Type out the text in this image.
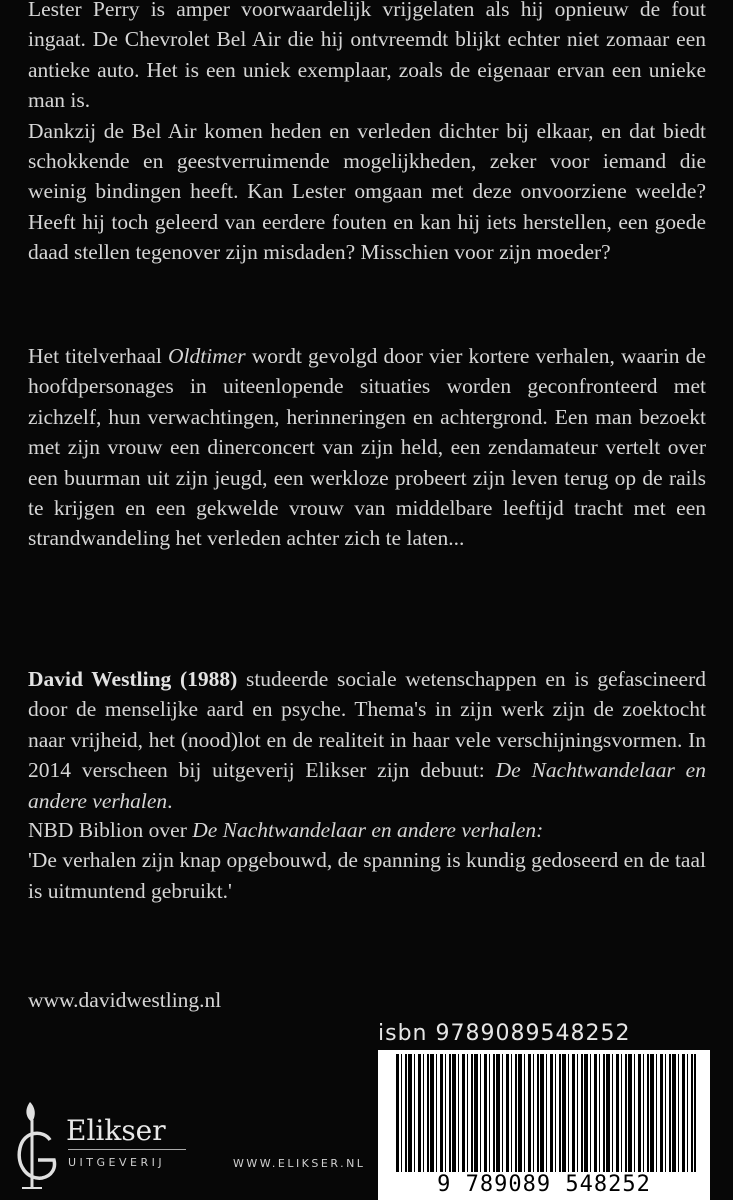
Lester Perry is amper voorwaardelijk vrijgelaten als hij opnieuw de fout ingaat. De Chevrolet Bel Air die hij ontvreemdt blijkt echter niet zomaar een antieke auto. Het is een uniek exemplaar, zoals de eigenaar ervan een unieke man is.

Dankzij de Bel Air komen heden en verleden dichter bij elkaar, en dat biedt schokkende en geestverruimende mogelijkheden, zeker voor iemand die weinig bindingen heeft. Kan Lester omgaan met deze onvoorziene weelde? Heeft hij toch geleerd van eerdere fouten en kan hij iets herstellen, een goede daad stellen tegenover zijn misdaden? Misschien voor zijn moeder?

Het titelverhaal Oldtimer wordt gevolgd door vier kortere verhalen, waarin de hoofdpersonages in uiteenlopende situaties worden geconfronteerd met zichzelf, hun verwachtingen, herinneringen en achtergrond. Een man bezoekt met zijn vrouw een dinerconcert van zijn held, een zendamateur vertelt over een buurman uit zijn jeugd, een werkloze probeert zijn leven terug op de rails te krijgen en een gekwelde vrouw van middelbare leeftijd tracht met een strandwandeling het verleden achter zich te laten...

David Westling (1988) studeerde sociale wetenschappen en is gefascineerd door de menselijke aard en psyche. Thema's in zijn werk zijn de zoektocht naar vrijheid, het (nood)lot en de realiteit in haar vele verschijningsvormen. In 2014 verscheen bij uitgeverij Elikser zijn debuut: De Nachtwandelaar en andere verhalen.

NBD Biblion over De Nachtwandelaar en andere verhalen:

'De verhalen zijn knap opgebouwd, de spanning is kundig gedoseerd en de taal is uitmuntend gebruikt.'

www.davidwestling.nl
isbn 9789089548252
9 789089 548252
Elikser
UITGEVERIJ	WWW.ELIKSER.NL
